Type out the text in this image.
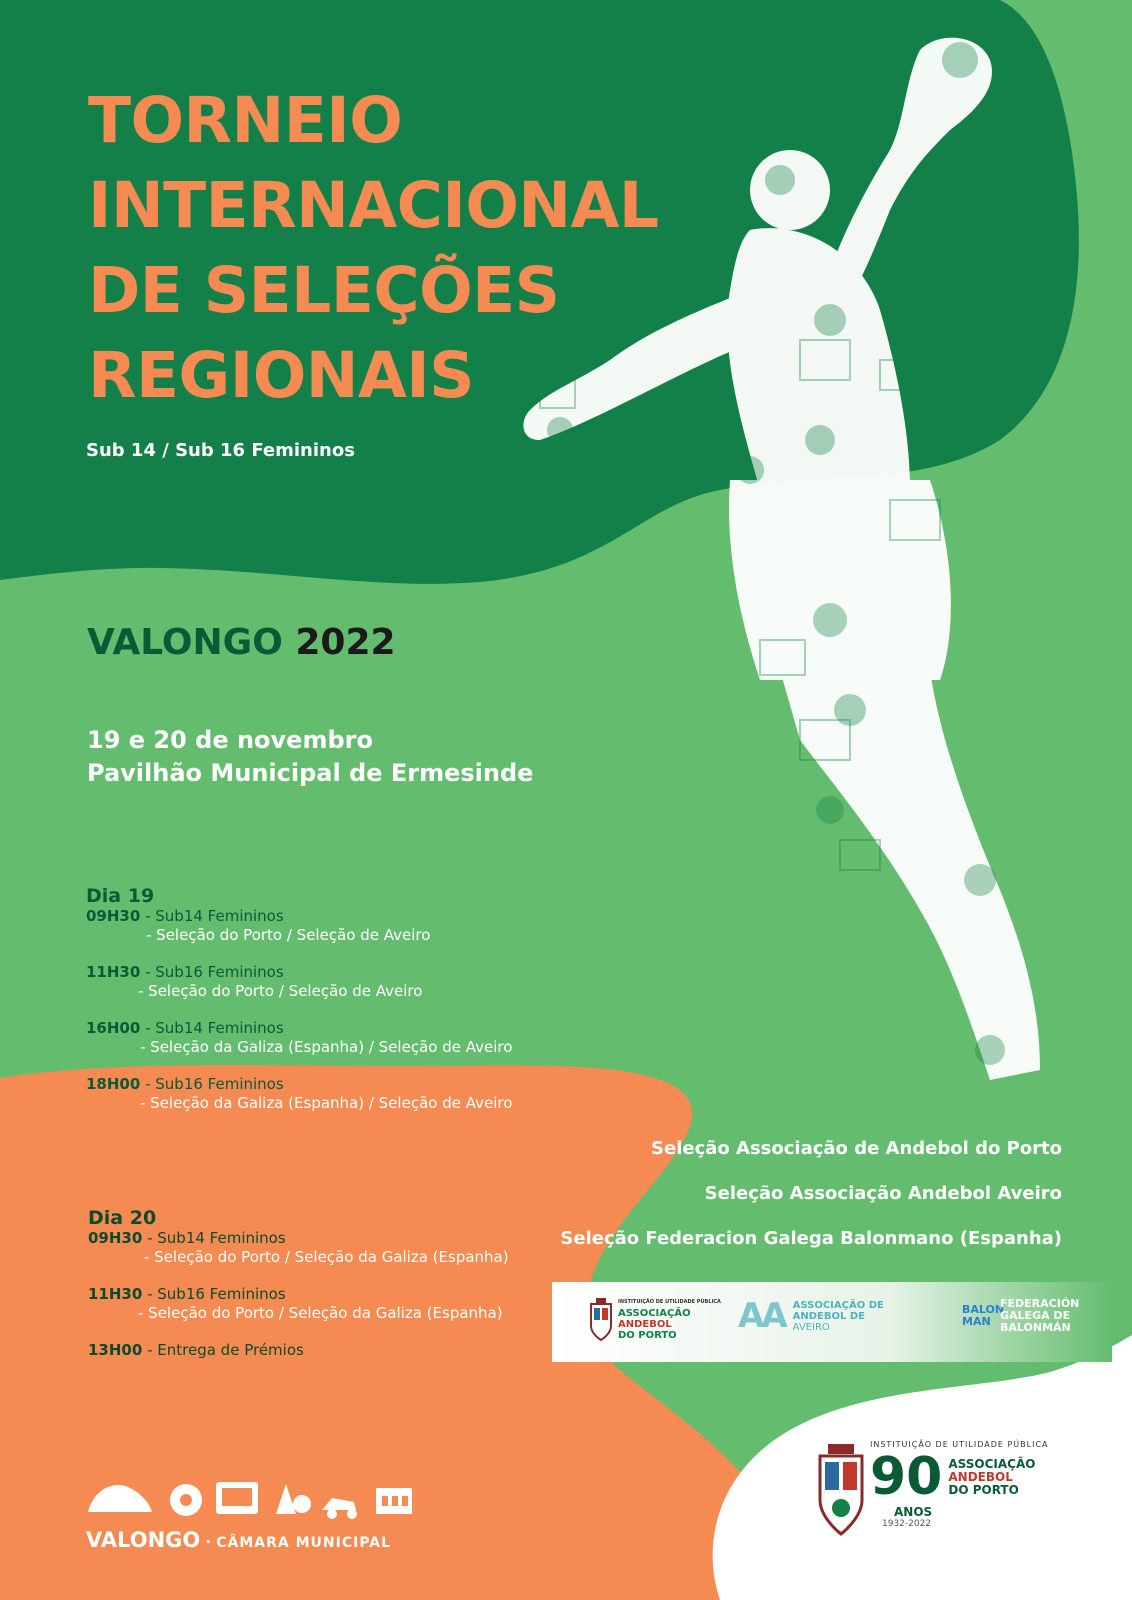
TORNEIO
INTERNACIONAL
DE SELEÇÕES
REGIONAIS
Sub 14 / Sub 16 Femininos
VALONGO 2022
19 e 20 de novembro
Pavilhão Municipal de Ermesinde
Dia 19
09H30 - Sub14 Femininos
- Seleção do Porto / Seleção de Aveiro
11H30 - Sub16 Femininos
- Seleção do Porto / Seleção de Aveiro
16H00 - Sub14 Femininos
- Seleção da Galiza (Espanha) / Seleção de Aveiro
18H00 - Sub16 Femininos
- Seleção da Galiza (Espanha) / Seleção de Aveiro
Dia 20
09H30 - Sub14 Femininos
- Seleção do Porto / Seleção da Galiza (Espanha)
11H30 - Sub16 Femininos
- Seleção do Porto / Seleção da Galiza (Espanha)
13H00 - Entrega de Prémios
Seleção Associação de Andebol do Porto
Seleção Associação Andebol Aveiro
Seleção Federacion Galega Balonmano (Espanha)
INSTITUIÇÃO DE UTILIDADE PÚBLICA
ASSOCIAÇÃO
ANDEBOL
DO PORTO	AA ASSOCIAÇÃO DE
ANDEBOL DE
AVEIRO
BALON MAN
FEDERACIÓN
GALEGA DE
BALONMÁN
VALONGO · CÂMARA MUNICIPAL
INSTITUIÇÃO DE UTILIDADE PÚBLICA
90 ASSOCIAÇÃO
ANDEBOL
DO PORTO
ANOS
1932-2022
